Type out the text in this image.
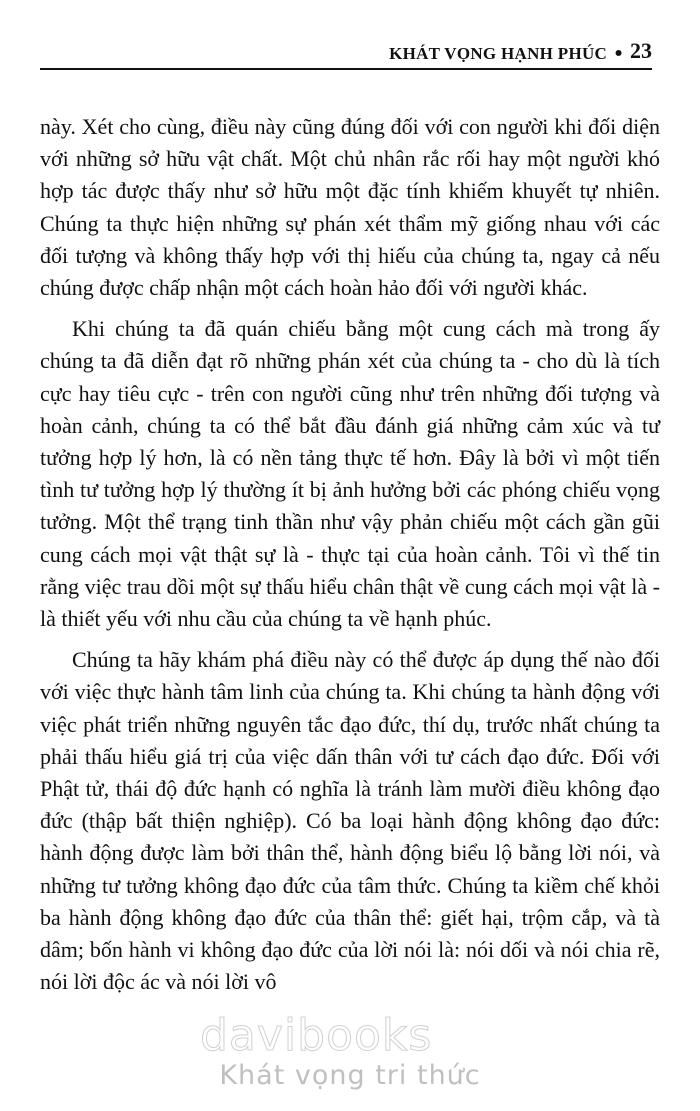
KHÁT VỌNG HẠNH PHÚC • 23

này. Xét cho cùng, điều này cũng đúng đối với con người khi đối diện với những sở hữu vật chất. Một chủ nhân rắc rối hay một người khó hợp tác được thấy như sở hữu một đặc tính khiếm khuyết tự nhiên. Chúng ta thực hiện những sự phán xét thẩm mỹ giống nhau với các đối tượng và không thấy hợp với thị hiếu của chúng ta, ngay cả nếu chúng được chấp nhận một cách hoàn hảo đối với người khác.

Khi chúng ta đã quán chiếu bằng một cung cách mà trong ấy chúng ta đã diễn đạt rõ những phán xét của chúng ta - cho dù là tích cực hay tiêu cực - trên con người cũng như trên những đối tượng và hoàn cảnh, chúng ta có thể bắt đầu đánh giá những cảm xúc và tư tưởng hợp lý hơn, là có nền tảng thực tế hơn. Đây là bởi vì một tiến tình tư tưởng hợp lý thường ít bị ảnh hưởng bởi các phóng chiếu vọng tưởng. Một thể trạng tinh thần như vậy phản chiếu một cách gần gũi cung cách mọi vật thật sự là - thực tại của hoàn cảnh. Tôi vì thế tin rằng việc trau dồi một sự thấu hiểu chân thật về cung cách mọi vật là - là thiết yếu với nhu cầu của chúng ta về hạnh phúc.

Chúng ta hãy khám phá điều này có thể được áp dụng thế nào đối với việc thực hành tâm linh của chúng ta. Khi chúng ta hành động với việc phát triển những nguyên tắc đạo đức, thí dụ, trước nhất chúng ta phải thấu hiểu giá trị của việc dấn thân với tư cách đạo đức. Đối với Phật tử, thái độ đức hạnh có nghĩa là tránh làm mười điều không đạo đức (thập bất thiện nghiệp). Có ba loại hành động không đạo đức: hành động được làm bởi thân thể, hành động biểu lộ bằng lời nói, và những tư tưởng không đạo đức của tâm thức. Chúng ta kiềm chế khỏi ba hành động không đạo đức của thân thể: giết hại, trộm cắp, và tà dâm; bốn hành vi không đạo đức của lời nói là: nói dối và nói chia rẽ, nói lời độc ác và nói lời vô

davibooks
Khát vọng tri thức
